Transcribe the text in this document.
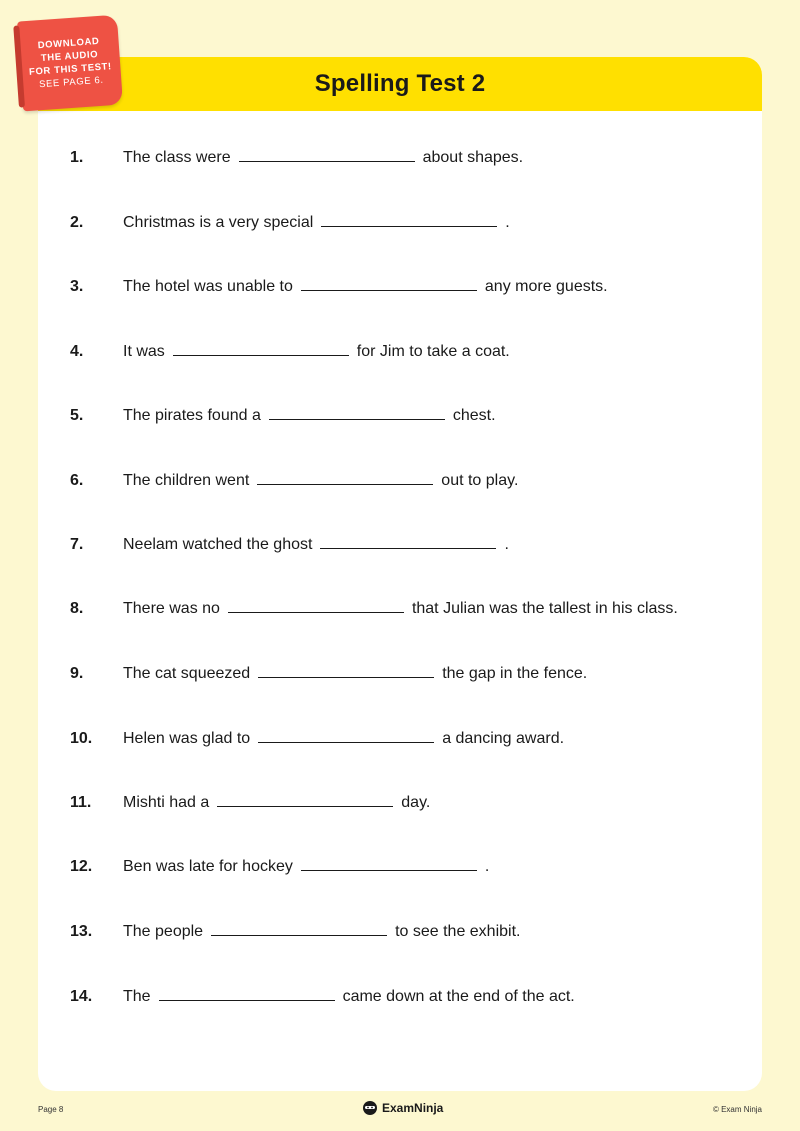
DOWNLOAD
THE AUDIO
FOR THIS TEST!
SEE PAGE 6.	Spelling Test 2
1.	The class were	about shapes.
2.	Christmas is a very special	.
3.	The hotel was unable to	any more guests.
4.	It was	for Jim to take a coat.
5.	The pirates found a	chest.
6.	The children went	out to play.
7.	Neelam watched the ghost	.
8.	There was no	that Julian was the tallest in his class.
9.	The cat squeezed	the gap in the fence.
10.	Helen was glad to	a dancing award.
11.	Mishti had a	day.
12.	Ben was late for hockey	.
13.	The people	to see the exhibit.
14.	The	came down at the end of the act.
Page 8	ExamNinja	© Exam Ninja
